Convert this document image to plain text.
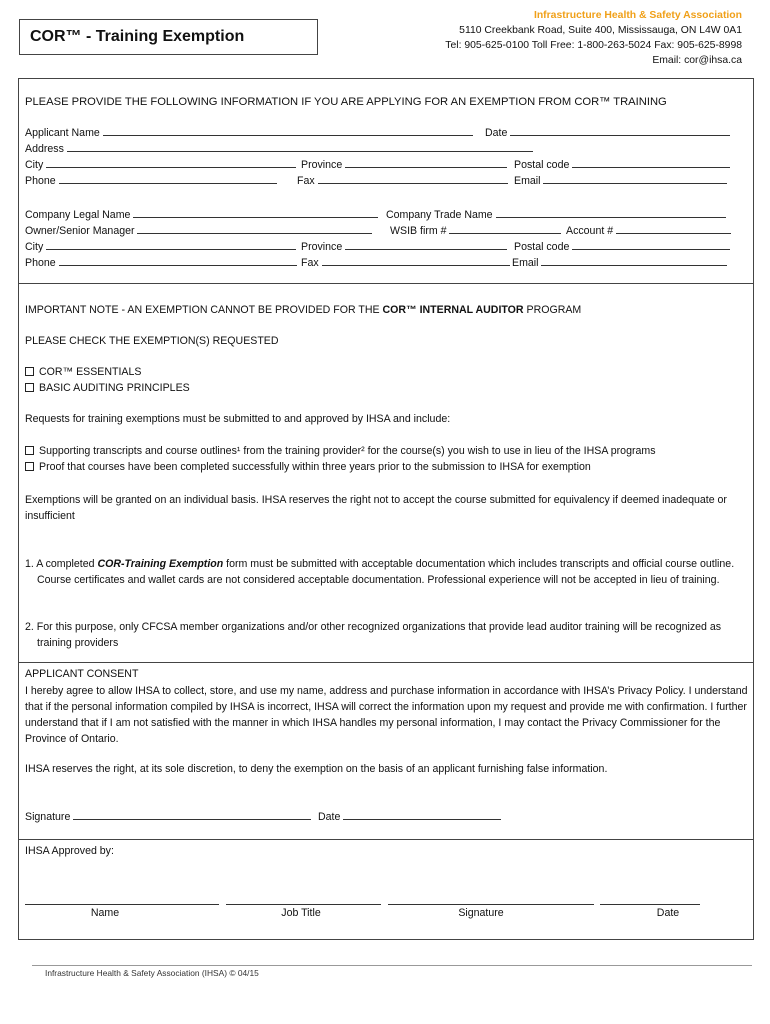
COR™ - Training Exemption
Infrastructure Health & Safety Association
5110 Creekbank Road, Suite 400, Mississauga, ON L4W 0A1
Tel: 905-625-0100 Toll Free: 1-800-263-5024 Fax: 905-625-8998
Email: cor@ihsa.ca
PLEASE PROVIDE THE FOLLOWING INFORMATION IF YOU ARE APPLYING FOR AN EXEMPTION FROM COR™ TRAINING
Applicant Name	Date
Address
City	Province	Postal code
Phone	Fax	Email
Company Legal Name	Company Trade Name
Owner/Senior Manager	WSIB firm #	Account #
City	Province	Postal code
Phone	Fax	Email
IMPORTANT NOTE - AN EXEMPTION CANNOT BE PROVIDED FOR THE COR™ INTERNAL AUDITOR PROGRAM
PLEASE CHECK THE EXEMPTION(S) REQUESTED
COR™ ESSENTIALS
BASIC AUDITING PRINCIPLES
Requests for training exemptions must be submitted to and approved by IHSA and include:
Supporting transcripts and course outlines¹ from the training provider² for the course(s) you wish to use in lieu of the IHSA programs
Proof that courses have been completed successfully within three years prior to the submission to IHSA for exemption
Exemptions will be granted on an individual basis. IHSA reserves the right not to accept the course submitted for equivalency if deemed inadequate or insufficient
1. A completed COR-Training Exemption form must be submitted with acceptable documentation which includes transcripts and official course outline. Course certificates and wallet cards are not considered acceptable documentation. Professional experience will not be accepted in lieu of training.
2. For this purpose, only CFCSA member organizations and/or other recognized organizations that provide lead auditor training will be recognized as training providers
APPLICANT CONSENT
I hereby agree to allow IHSA to collect, store, and use my name, address and purchase information in accordance with IHSA’s Privacy Policy. I understand that if the personal information compiled by IHSA is incorrect, IHSA will correct the information upon my request and provide me with confirmation. I further understand that if I am not satisfied with the manner in which IHSA handles my personal information, I may contact the Privacy Commissioner for the Province of Ontario.
IHSA reserves the right, at its sole discretion, to deny the exemption on the basis of an applicant furnishing false information.
Signature	Date
IHSA Approved by:
Name	Job Title	Signature	Date
Infrastructure Health & Safety Association (IHSA) © 04/15
